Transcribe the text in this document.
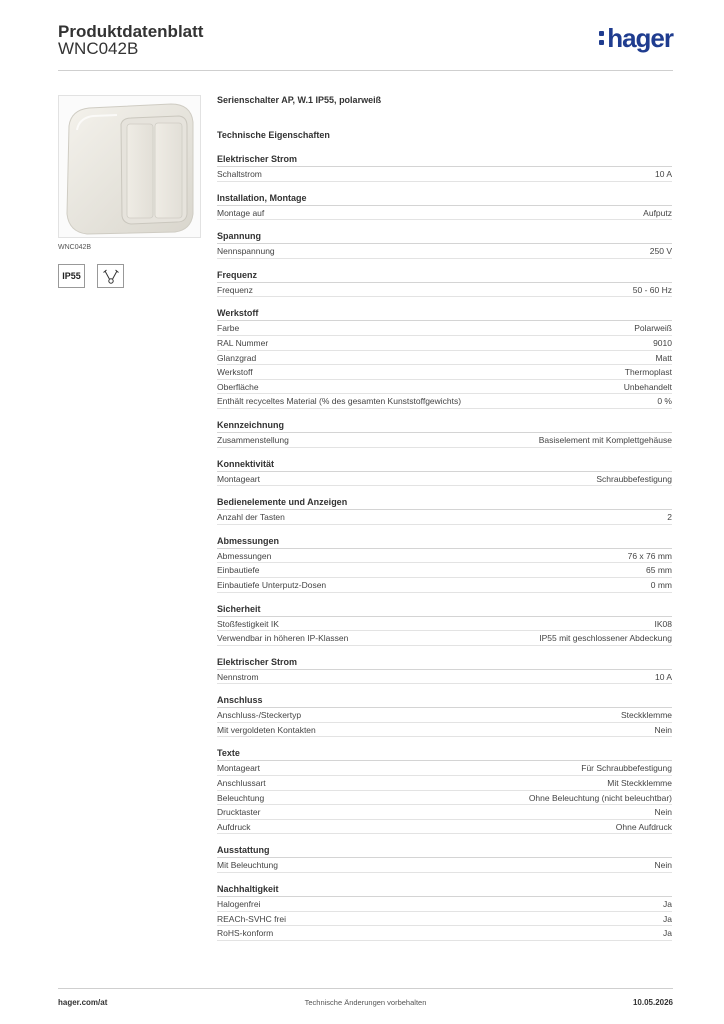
Produktdatenblatt
WNC042B	hager
WNC042B
IP55
Serienschalter AP, W.1 IP55, polarweiß
Technische Eigenschaften
Elektrischer Strom
Schaltstrom	10 A
Installation, Montage
Montage auf	Aufputz
Spannung
Nennspannung	250 V
Frequenz
Frequenz	50 - 60 Hz
Werkstoff
Farbe	Polarweiß
RAL Nummer	9010
Glanzgrad	Matt
Werkstoff	Thermoplast
Oberfläche	Unbehandelt
Enthält recyceltes Material (% des gesamten Kunststoffgewichts)	0 %
Kennzeichnung
Zusammenstellung	Basiselement mit Komplettgehäuse
Konnektivität
Montageart	Schraubbefestigung
Bedienelemente und Anzeigen
Anzahl der Tasten	2
Abmessungen
Abmessungen	76 x 76 mm
Einbautiefe	65 mm
Einbautiefe Unterputz-Dosen	0 mm
Sicherheit
Stoßfestigkeit IK	IK08
Verwendbar in höheren IP-Klassen	IP55 mit geschlossener Abdeckung
Elektrischer Strom
Nennstrom	10 A
Anschluss
Anschluss-/Steckertyp	Steckklemme
Mit vergoldeten Kontakten	Nein
Texte
Montageart	Für Schraubbefestigung
Anschlussart	Mit Steckklemme
Beleuchtung	Ohne Beleuchtung (nicht beleuchtbar)
Drucktaster	Nein
Aufdruck	Ohne Aufdruck
Ausstattung
Mit Beleuchtung	Nein
Nachhaltigkeit
Halogenfrei	Ja
REACh-SVHC frei	Ja
RoHS-konform	Ja
hager.com/at	Technische Änderungen vorbehalten	10.05.2026
